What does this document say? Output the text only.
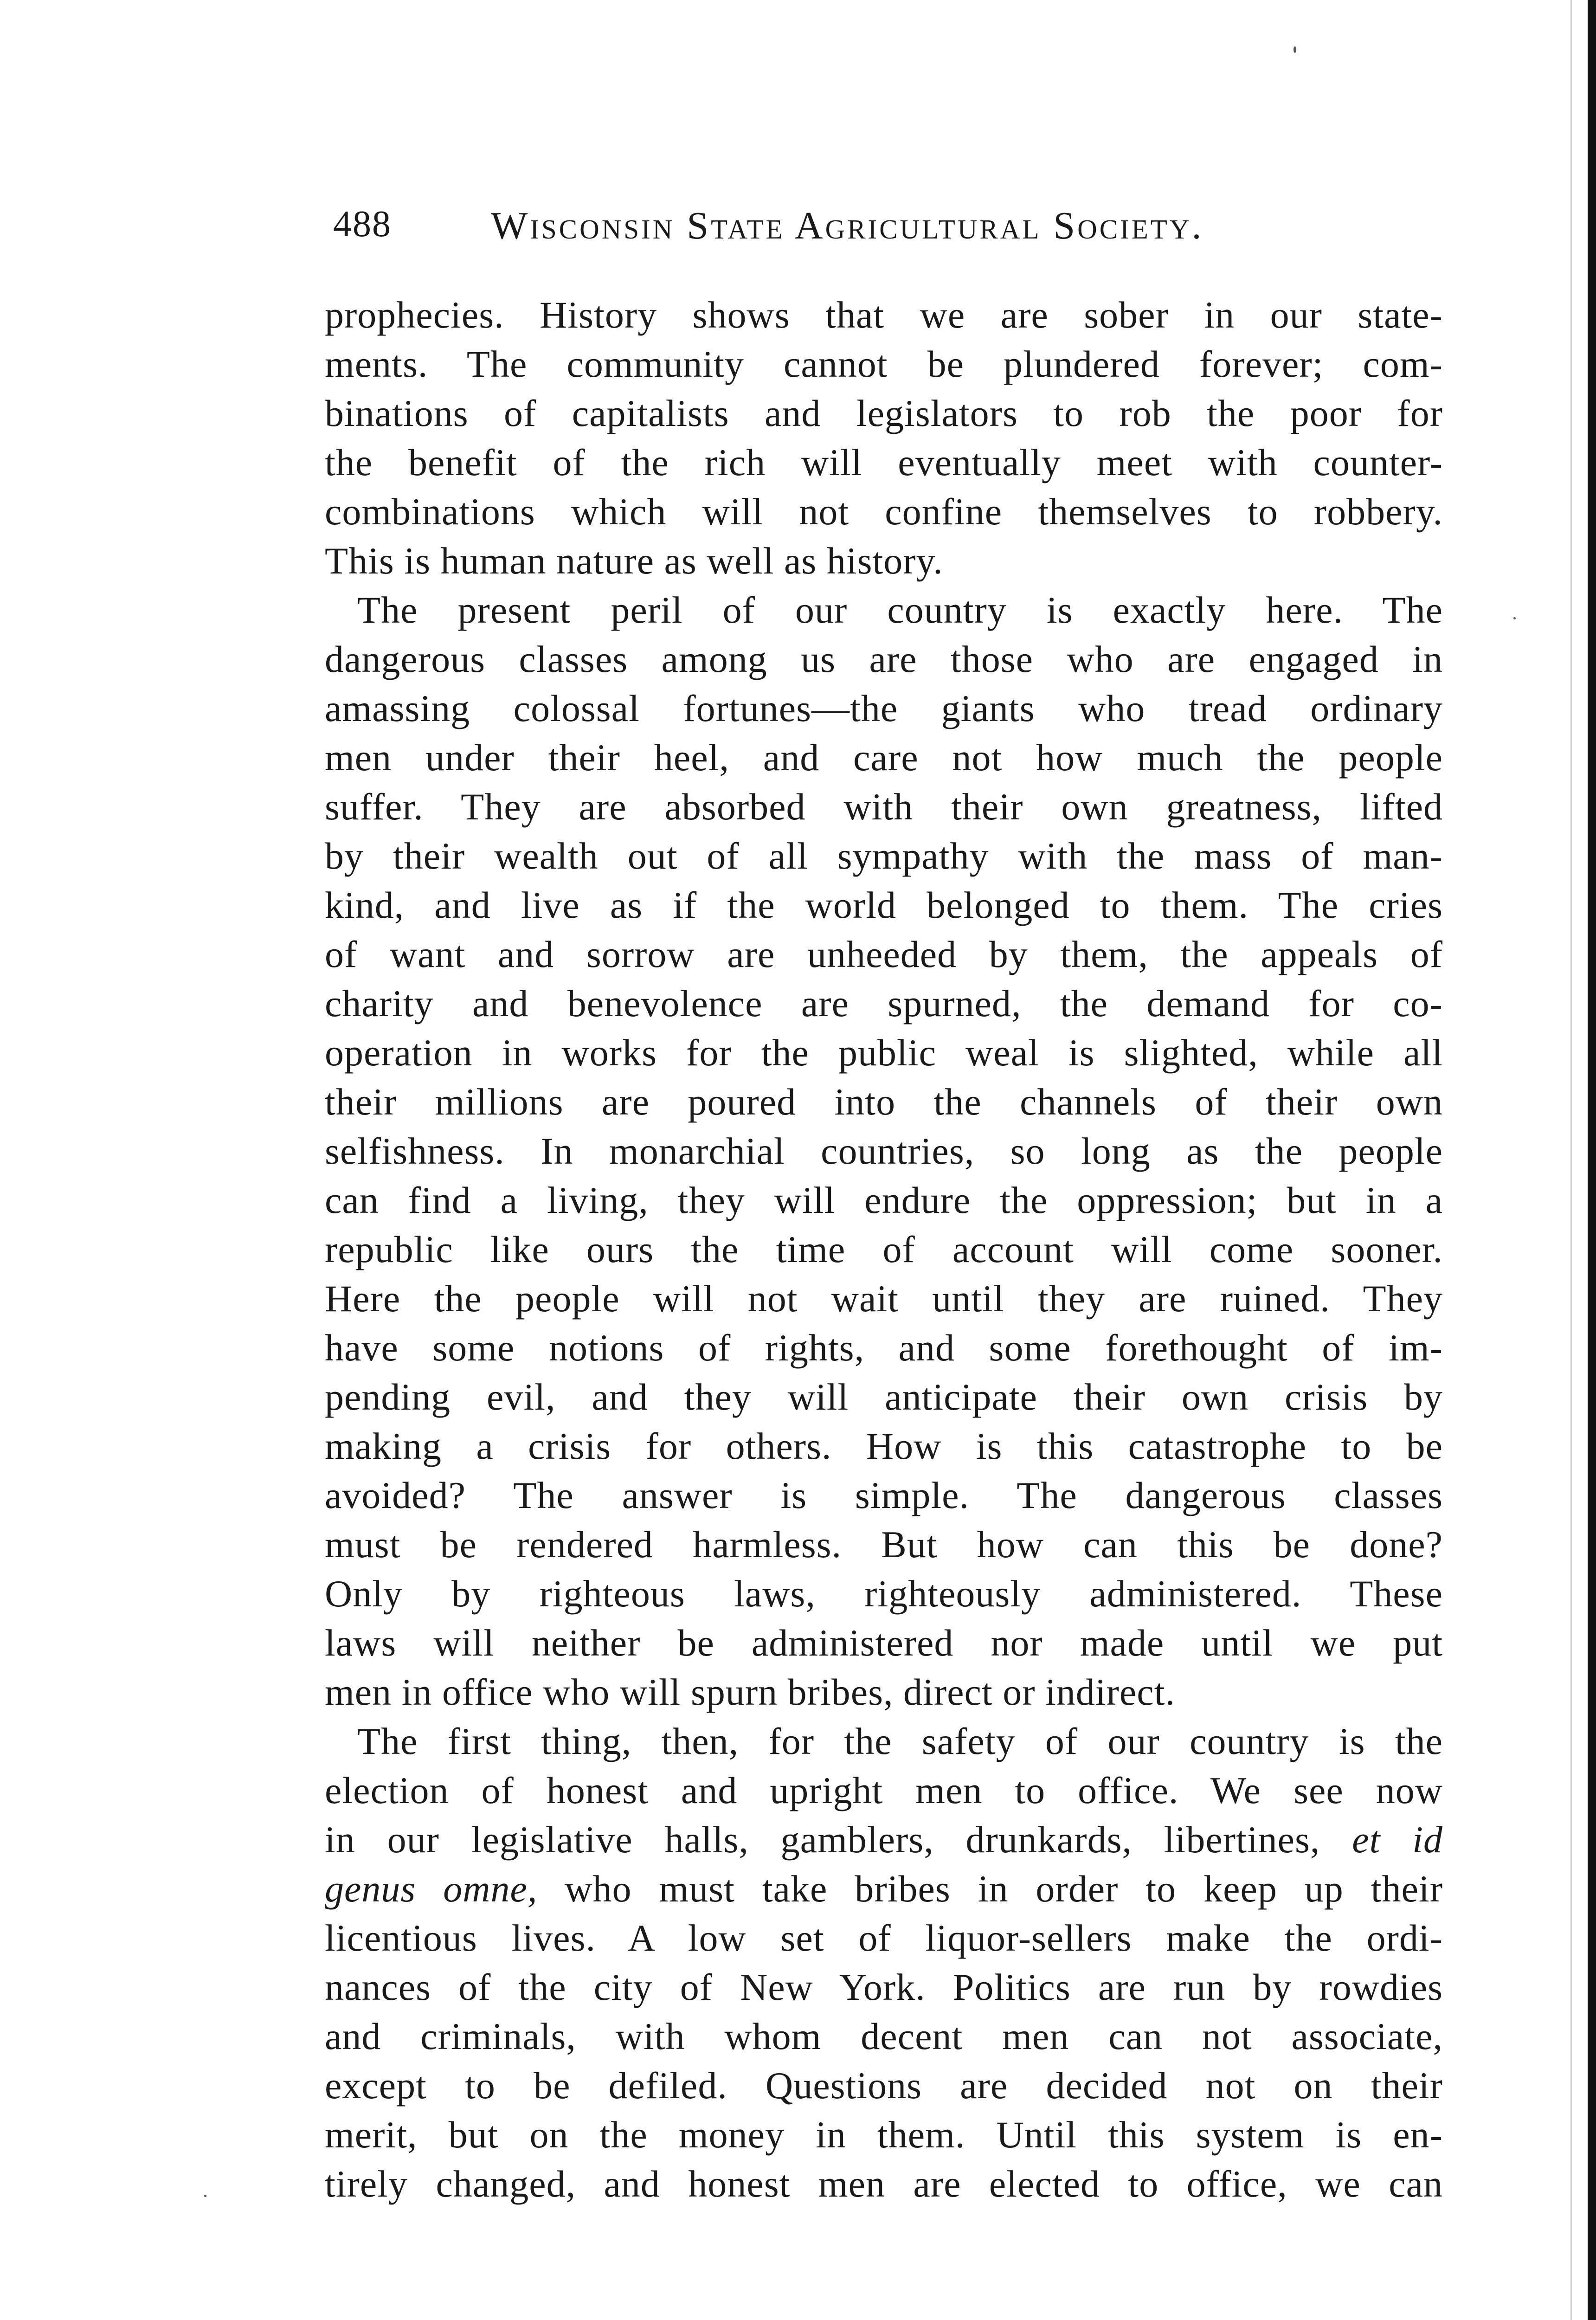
488	Wisconsin State Agricultural Society.
prophecies. History shows that we are sober in our state-
ments. The community cannot be plundered forever; com-
binations of capitalists and legislators to rob the poor for
the benefit of the rich will eventually meet with counter-
combinations which will not confine themselves to robbery.
This is human nature as well as history.
The present peril of our country is exactly here. The
dangerous classes among us are those who are engaged in
amassing colossal fortunes—the giants who tread ordinary
men under their heel, and care not how much the people
suffer. They are absorbed with their own greatness, lifted
by their wealth out of all sympathy with the mass of man-
kind, and live as if the world belonged to them. The cries
of want and sorrow are unheeded by them, the appeals of
charity and benevolence are spurned, the demand for co-
operation in works for the public weal is slighted, while all
their millions are poured into the channels of their own
selfishness. In monarchial countries, so long as the people
can find a living, they will endure the oppression; but in a
republic like ours the time of account will come sooner.
Here the people will not wait until they are ruined. They
have some notions of rights, and some forethought of im-
pending evil, and they will anticipate their own crisis by
making a crisis for others. How is this catastrophe to be
avoided? The answer is simple. The dangerous classes
must be rendered harmless. But how can this be done?
Only by righteous laws, righteously administered. These
laws will neither be administered nor made until we put
men in office who will spurn bribes, direct or indirect.
The first thing, then, for the safety of our country is the
election of honest and upright men to office. We see now
in our legislative halls, gamblers, drunkards, libertines, et id
genus omne, who must take bribes in order to keep up their
licentious lives. A low set of liquor-sellers make the ordi-
nances of the city of New York. Politics are run by rowdies
and criminals, with whom decent men can not associate,
except to be defiled. Questions are decided not on their
merit, but on the money in them. Until this system is en-
tirely changed, and honest men are elected to office, we can
